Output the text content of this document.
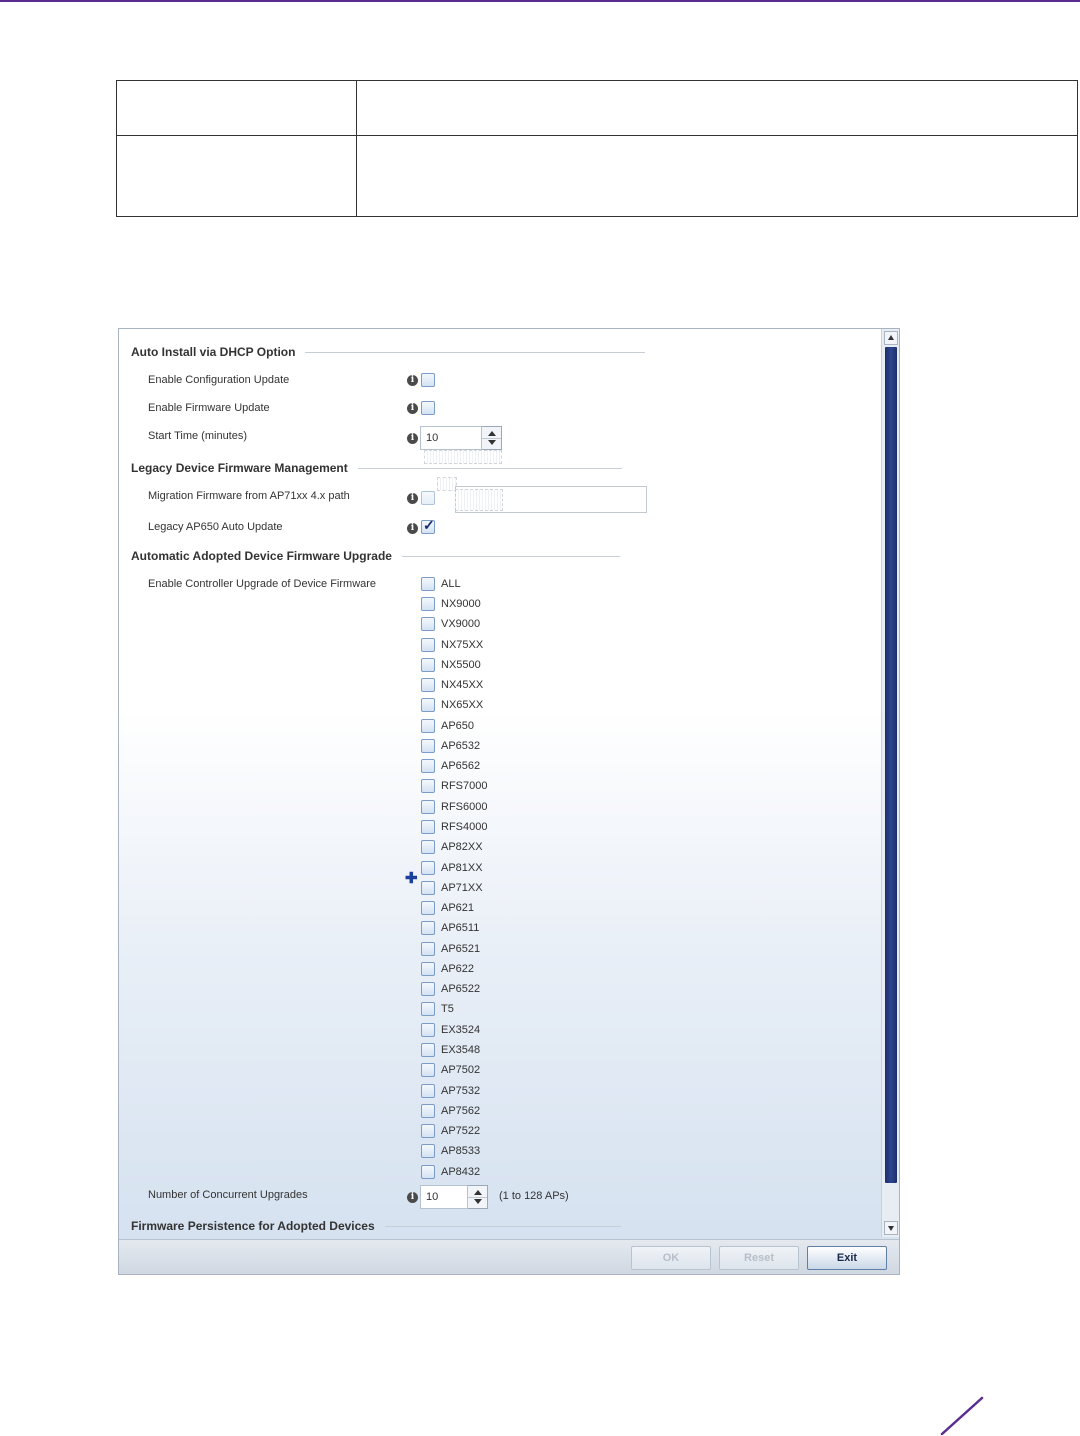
Auto Install via DHCP Option
Enable Configuration Update	i
Enable Firmware Update	i
Start Time (minutes)	i	10
Legacy Device Firmware Management
Migration Firmware from AP71xx 4.x path	i
Legacy AP650 Auto Update	i
✓
Automatic Adopted Device Firmware Upgrade
Enable Controller Upgrade of Device Firmware	ALL
NX9000
VX9000
NX75XX
NX5500
NX45XX
NX65XX
AP650
AP6532
AP6562
RFS7000
RFS6000
RFS4000
AP82XX
AP81XX
AP71XX
AP621
AP6511
AP6521
AP622
AP6522
T5
EX3524
EX3548
AP7502
AP7532
AP7562
AP7522
AP8533
AP8432
✚
Number of Concurrent Upgrades	i	10	(1 to 128 APs)
Firmware Persistence for Adopted Devices
OK	Reset	Exit
